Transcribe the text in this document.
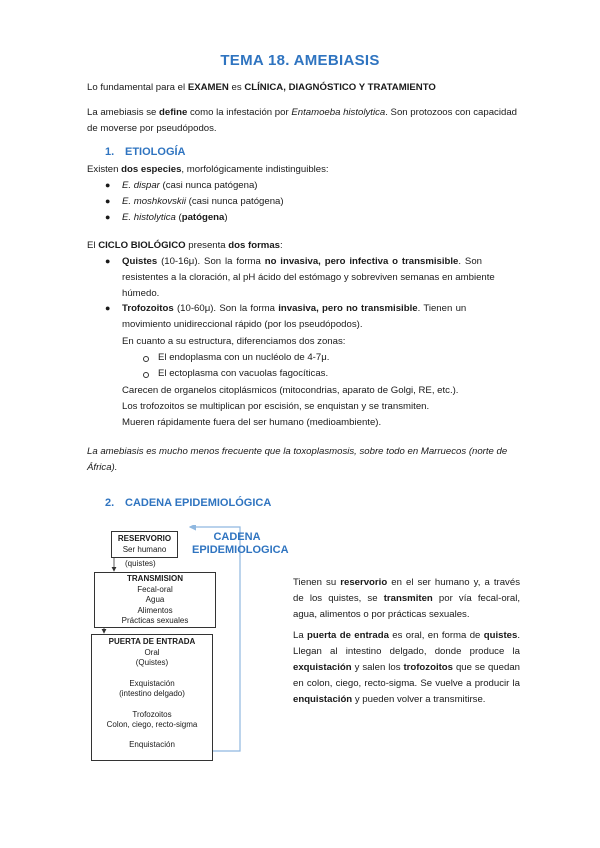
TEMA 18. AMEBIASIS
Lo fundamental para el EXAMEN es CLÍNICA, DIAGNÓSTICO Y TRATAMIENTO
La amebiasis se define como la infestación por Entamoeba histolytica. Son protozoos con capacidad de moverse por pseudópodos.
1. ETIOLOGÍA
Existen dos especies, morfológicamente indistinguibles:
● E. dispar (casi nunca patógena)
● E. moshkovskii (casi nunca patógena)
● E. histolytica (patógena)
El CICLO BIOLÓGICO presenta dos formas:
● Quistes (10-16μ). Son la forma no invasiva, pero infectiva o transmisible. Son
resistentes a la cloración, al pH ácido del estómago y sobreviven semanas en ambiente
húmedo.
● Trofozoitos (10-60μ). Son la forma invasiva, pero no transmisible. Tienen un
movimiento unidireccional rápido (por los pseudópodos).
En cuanto a su estructura, diferenciamos dos zonas:
El endoplasma con un nucléolo de 4-7μ.
El ectoplasma con vacuolas fagocíticas.
Carecen de organelos citoplásmicos (mitocondrias, aparato de Golgi, RE, etc.).
Los trofozoitos se multiplican por escisión, se enquistan y se transmiten.
Mueren rápidamente fuera del ser humano (medioambiente).
La amebiasis es mucho menos frecuente que la toxoplasmosis, sobre todo en Marruecos (norte de
África).
2. CADENA EPIDEMIOLÓGICA
RESERVORIO
Ser humano
(quistes)
CADENA
EPIDEMIOLOGICA
TRANSMISION
Fecal-oral
Agua
Alimentos
Prácticas sexuales
PUERTA DE ENTRADA
Oral
(Quistes)
Exquistación
(intestino delgado)
Trofozoitos
Colon, ciego, recto-sigma
Enquistación
Tienen su reservorio en el ser humano y, a través de los quistes, se transmiten por vía fecal-oral, agua, alimentos o por prácticas sexuales.
La puerta de entrada es oral, en forma de quistes. Llegan al intestino delgado, donde produce la exquistación y salen los trofozoitos que se quedan en colon, ciego, recto-sigma. Se vuelve a producir la enquistación y pueden volver a transmitirse.
